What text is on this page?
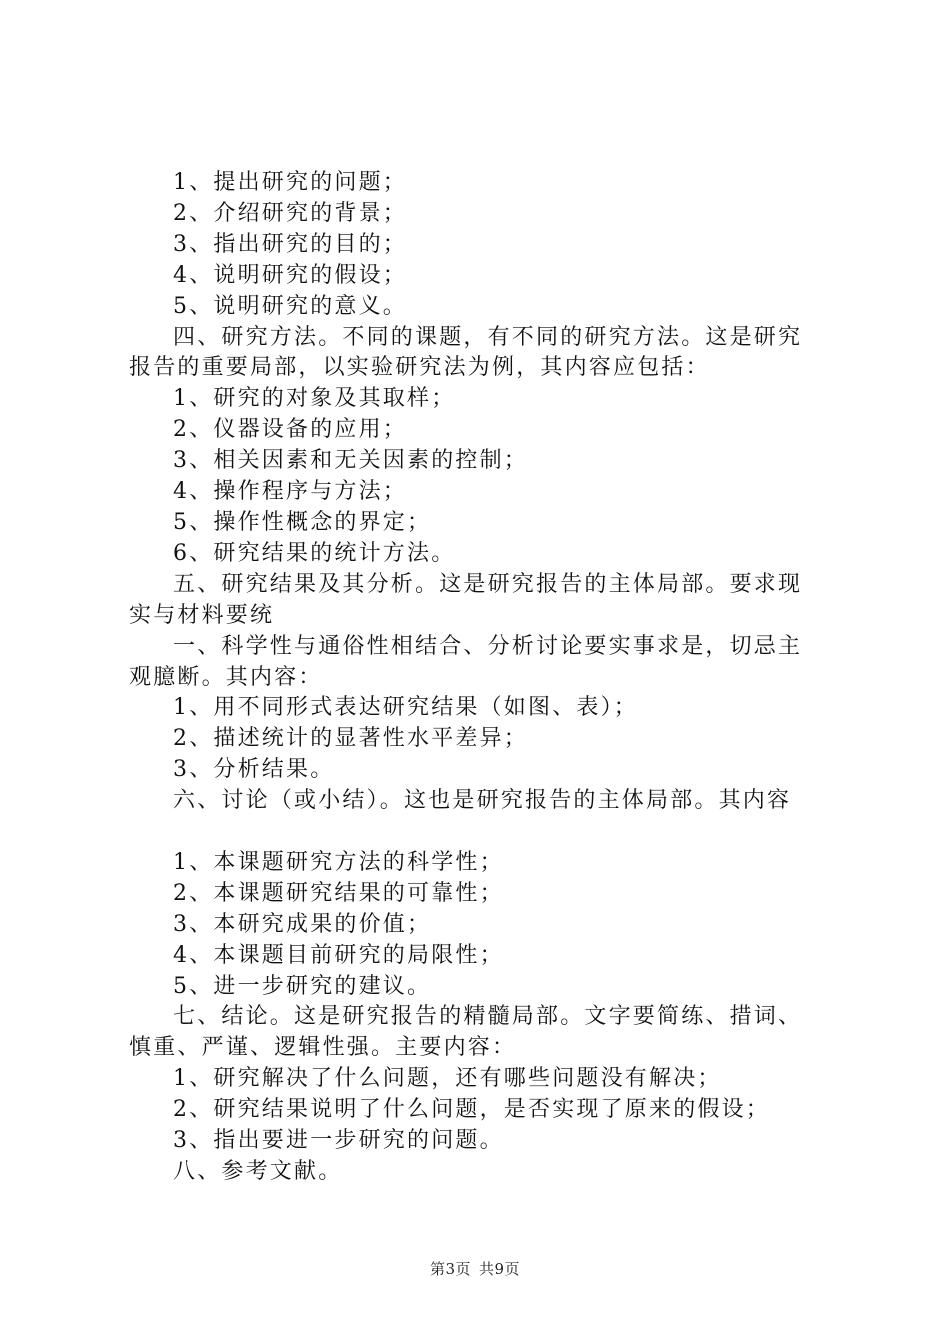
1、提出研究的问题；
2、介绍研究的背景；
3、指出研究的目的；
4、说明研究的假设；
5、说明研究的意义。
四、研究方法。不同的课题，有不同的研究方法。这是研究
报告的重要局部，以实验研究法为例，其内容应包括：
1、研究的对象及其取样；
2、仪器设备的应用；
3、相关因素和无关因素的控制；
4、操作程序与方法；
5、操作性概念的界定；
6、研究结果的统计方法。
五、研究结果及其分析。这是研究报告的主体局部。要求现
实与材料要统
一、科学性与通俗性相结合、分析讨论要实事求是，切忌主
观臆断。其内容：
1、用不同形式表达研究结果（如图、表）；
2、描述统计的显著性水平差异；
3、分析结果。
六、讨论（或小结）。这也是研究报告的主体局部。其内容
1、本课题研究方法的科学性；
2、本课题研究结果的可靠性；
3、本研究成果的价值；
4、本课题目前研究的局限性；
5、进一步研究的建议。
七、结论。这是研究报告的精髓局部。文字要简练、措词、
慎重、严谨、逻辑性强。主要内容：
1、研究解决了什么问题，还有哪些问题没有解决；
2、研究结果说明了什么问题，是否实现了原来的假设；
3、指出要进一步研究的问题。
八、参考文献。
第3页 共9页
